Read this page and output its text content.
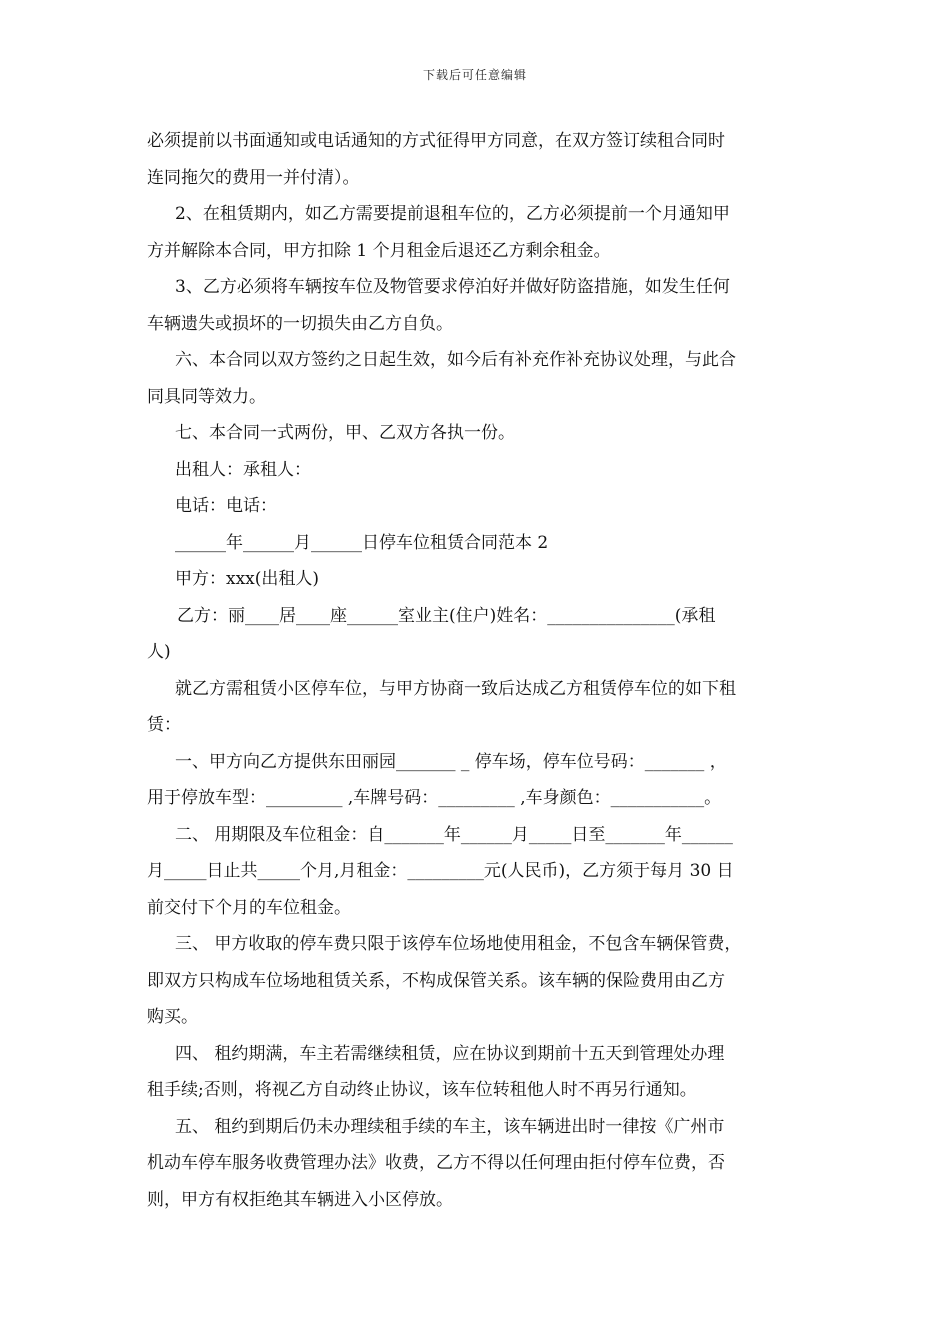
下载后可任意编辑
必须提前以书面通知或电话通知的方式征得甲方同意，在双方签订续租合同时
连同拖欠的费用一并付清）。
2、在租赁期内，如乙方需要提前退租车位的，乙方必须提前一个月通知甲
方并解除本合同，甲方扣除 1 个月租金后退还乙方剩余租金。
3、乙方必须将车辆按车位及物管要求停泊好并做好防盗措施，如发生任何
车辆遗失或损坏的一切损失由乙方自负。
六、本合同以双方签约之日起生效，如今后有补充作补充协议处理，与此合
同具同等效力。
七、本合同一式两份，甲、乙双方各执一份。
出租人：承租人：
电话：电话：
______年______月______日停车位租赁合同范本 2
甲方：xxx(出租人)
乙方：丽____居____座______室业主(住户)姓名：_______________(承租
人)
就乙方需租赁小区停车位，与甲方协商一致后达成乙方租赁停车位的如下租
赁：
一、甲方向乙方提供东田丽园_______ _ 停车场，停车位号码：_______ ，
用于停放车型：_________ ,车牌号码：_________ ,车身颜色：___________。
二、 用期限及车位租金：自_______年______月_____日至_______年______
月_____日止共_____个月,月租金：_________元(人民币)，乙方须于每月 30 日
前交付下个月的车位租金。
三、 甲方收取的停车费只限于该停车位场地使用租金，不包含车辆保管费，
即双方只构成车位场地租赁关系，不构成保管关系。该车辆的保险费用由乙方
购买。
四、 租约期满，车主若需继续租赁，应在协议到期前十五天到管理处办理
租手续;否则，将视乙方自动终止协议，该车位转租他人时不再另行通知。
五、 租约到期后仍未办理续租手续的车主，该车辆进出时一律按《广州市
机动车停车服务收费管理办法》收费，乙方不得以任何理由拒付停车位费，否
则，甲方有权拒绝其车辆进入小区停放。
